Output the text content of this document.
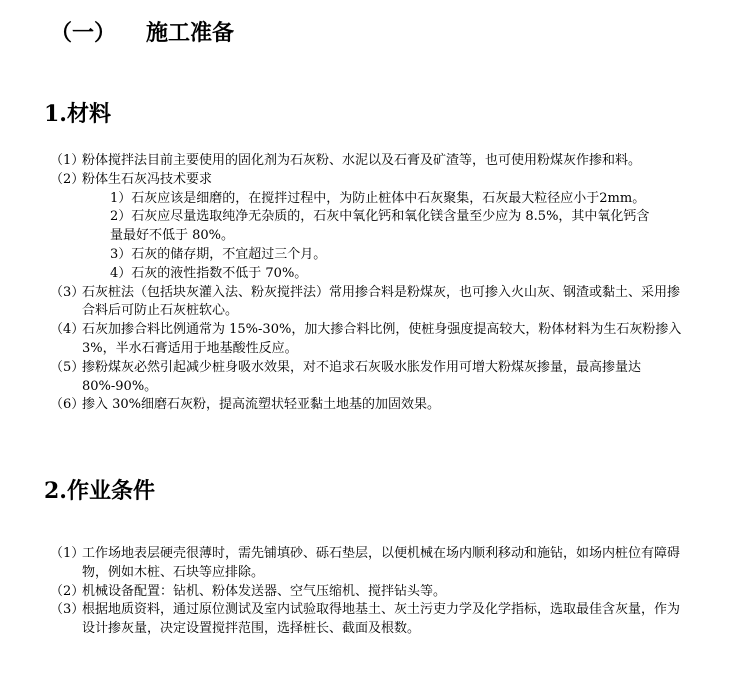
（一） 施工准备
1.材料
（1）
粉体搅拌法目前主要使用的固化剂为石灰粉、水泥以及石膏及矿渣等，也可使用粉煤灰作掺和料。
（2）
粉体生石灰冯技术要求
1）石灰应该是细磨的，在搅拌过程中，为防止桩体中石灰聚集，石灰最大粒径应小于2mm。
2）石灰应尽量选取纯净无杂质的，石灰中氧化钙和氧化镁含量至少应为 8.5%，其中氧化钙含量最好不低于 80%。
3）石灰的储存期，不宜超过三个月。
4）石灰的液性指数不低于 70%。
（3）
石灰桩法（包括块灰灌入法、粉灰搅拌法）常用掺合料是粉煤灰，也可掺入火山灰、钢渣或黏土、采用掺合料后可防止石灰桩软心。
（4）
石灰加掺合料比例通常为 15%-30%，加大掺合料比例，使桩身强度提高较大，粉体材料为生石灰粉掺入 3%，半水石膏适用于地基酸性反应。
（5）
掺粉煤灰必然引起减少桩身吸水效果，对不追求石灰吸水胀发作用可增大粉煤灰掺量，最高掺量达 80%-90%。
（6）
掺入 30%细磨石灰粉，提高流塑状轻亚黏土地基的加固效果。
2.作业条件
（1）
工作场地表层硬壳很薄时，需先铺填砂、砾石垫层，以便机械在场内顺利移动和施钻，如场内桩位有障碍物，例如木桩、石块等应排除。
（2）
机械设备配置：钻机、粉体发送器、空气压缩机、搅拌钻头等。
（3）
根据地质资料，通过原位测试及室内试验取得地基土、灰土污吏力学及化学指标，选取最佳含灰量，作为设计掺灰量，决定设置搅拌范围，选择桩长、截面及根数。
